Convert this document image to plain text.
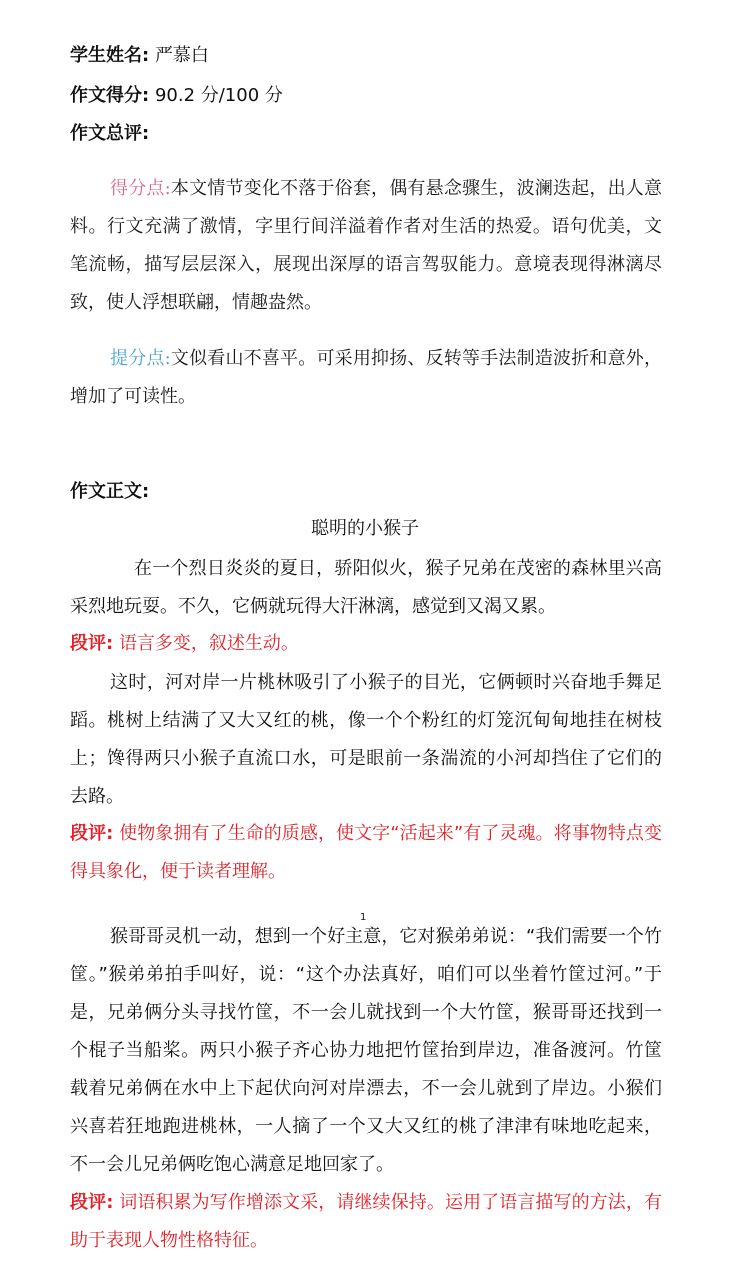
学生姓名: 严慕白
作文得分: 90.2 分/100 分
作文总评:
得分点:本文情节变化不落于俗套，偶有悬念骤生，波澜迭起，出人意料。行文充满了激情，字里行间洋溢着作者对生活的热爱。语句优美，文笔流畅，描写层层深入，展现出深厚的语言驾驭能力。意境表现得淋漓尽致，使人浮想联翩，情趣盎然。
提分点:文似看山不喜平。可采用抑扬、反转等手法制造波折和意外，增加了可读性。
作文正文:
聪明的小猴子
在一个烈日炎炎的夏日，骄阳似火，猴子兄弟在茂密的森林里兴高采烈地玩耍。不久，它俩就玩得大汗淋漓，感觉到又渴又累。
段评: 语言多变，叙述生动。
这时，河对岸一片桃林吸引了小猴子的目光，它俩顿时兴奋地手舞足蹈。桃树上结满了又大又红的桃，像一个个粉红的灯笼沉甸甸地挂在树枝上；馋得两只小猴子直流口水，可是眼前一条湍流的小河却挡住了它们的去路。
段评: 使物象拥有了生命的质感，使文字“活起来”有了灵魂。将事物特点变得具象化，便于读者理解。
1
猴哥哥灵机一动，想到一个好主意，它对猴弟弟说：“我们需要一个竹筐。”猴弟弟拍手叫好，说：“这个办法真好，咱们可以坐着竹筐过河。”于是，兄弟俩分头寻找竹筐，不一会儿就找到一个大竹筐，猴哥哥还找到一个棍子当船桨。两只小猴子齐心协力地把竹筐抬到岸边，准备渡河。竹筐载着兄弟俩在水中上下起伏向河对岸漂去，不一会儿就到了岸边。小猴们兴喜若狂地跑进桃林，一人摘了一个又大又红的桃了津津有味地吃起来，不一会儿兄弟俩吃饱心满意足地回家了。
段评: 词语积累为写作增添文采，请继续保持。运用了语言描写的方法，有助于表现人物性格特征。
